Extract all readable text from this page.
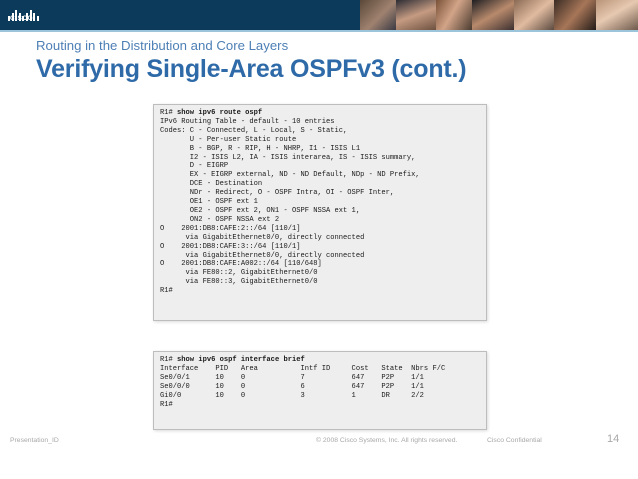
CISCO.
Routing in the Distribution and Core Layers
Verifying Single-Area OSPFv3 (cont.)
R1# show ipv6 route ospf
IPv6 Routing Table - default - 10 entries
Codes: C - Connected, L - Local, S - Static,
U - Per-user Static route
B - BGP, R - RIP, H - NHRP, I1 - ISIS L1
I2 - ISIS L2, IA - ISIS interarea, IS - ISIS summary,
D - EIGRP
EX - EIGRP external, ND - ND Default, NDp - ND Prefix,
DCE - Destination
NDr - Redirect, O - OSPF Intra, OI - OSPF Inter,
OE1 - OSPF ext 1
OE2 - OSPF ext 2, ON1 - OSPF NSSA ext 1,
ON2 - OSPF NSSA ext 2
O    2001:DB8:CAFE:2::/64 [110/1]
via GigabitEthernet0/0, directly connected
O    2001:DB8:CAFE:3::/64 [110/1]
via GigabitEthernet0/0, directly connected
O    2001:DB8:CAFE:A002::/64 [110/648]
via FE80::2, GigabitEthernet0/0
via FE80::3, GigabitEthernet0/0
R1#
R1# show ipv6 ospf interface brief
Interface    PID   Area          Intf ID     Cost   State  Nbrs F/C
Se0/0/1      10    0             7           647    P2P    1/1
Se0/0/0      10    0             6           647    P2P    1/1
Gi0/0        10    0             3           1      DR     2/2
R1#
Presentation_ID	© 2008 Cisco Systems, Inc. All rights reserved.	Cisco Confidential	14
